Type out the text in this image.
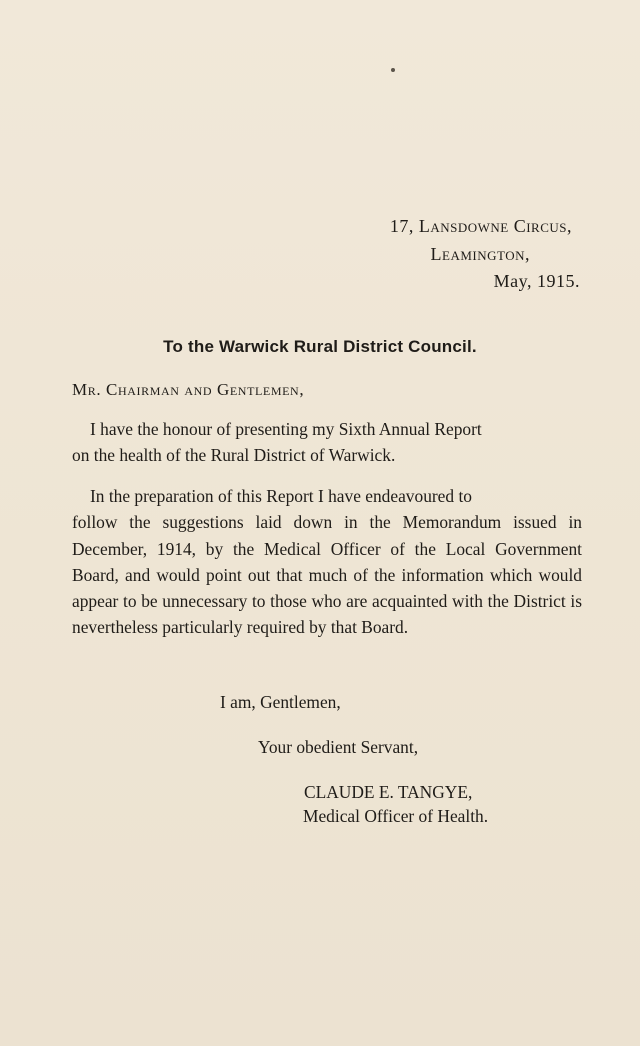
17, Lansdowne Circus,
Leamington,
May, 1915.
To the Warwick Rural District Council.
Mr. Chairman and Gentlemen,
I have the honour of presenting my Sixth Annual Report
on the health of the Rural District of Warwick.
In the preparation of this Report I have endeavoured to
follow the suggestions laid down in the Memorandum issued in December, 1914, by the Medical Officer of the Local Government Board, and would point out that much of the information which would appear to be unnecessary to those who are acquainted with the District is nevertheless particularly required by that Board.
I am, Gentlemen,
Your obedient Servant,
CLAUDE E. TANGYE,
Medical Officer of Health.
